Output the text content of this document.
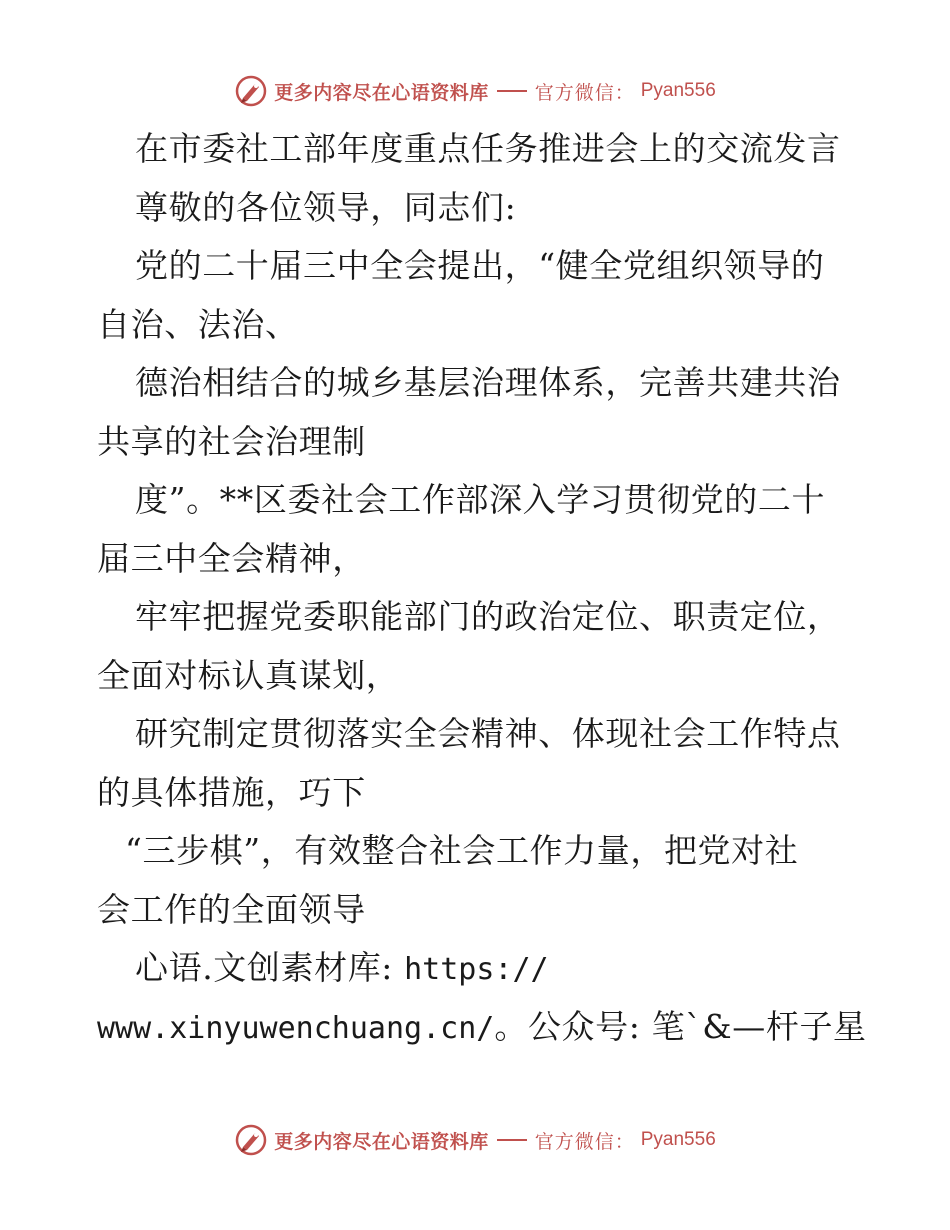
更多内容尽在心语资料库 官方微信： Pyan556
在市委社工部年度重点任务推进会上的交流发言
尊敬的各位领导，同志们:
党的二十届三中全会提出，“健全党组织领导的
自治、法治、
德治相结合的城乡基层治理体系，完善共建共治
共享的社会治理制
度”。**区委社会工作部深入学习贯彻党的二十
届三中全会精神，
牢牢把握党委职能部门的政治定位、职责定位，
全面对标认真谋划，
研究制定贯彻落实全会精神、体现社会工作特点
的具体措施，巧下
“三步棋”，有效整合社会工作力量，把党对社
会工作的全面领导
心语.文创素材库: https://
www.xinyuwenchuang.cn/。公众号: 笔`&—杆子星
更多内容尽在心语资料库 官方微信： Pyan556
